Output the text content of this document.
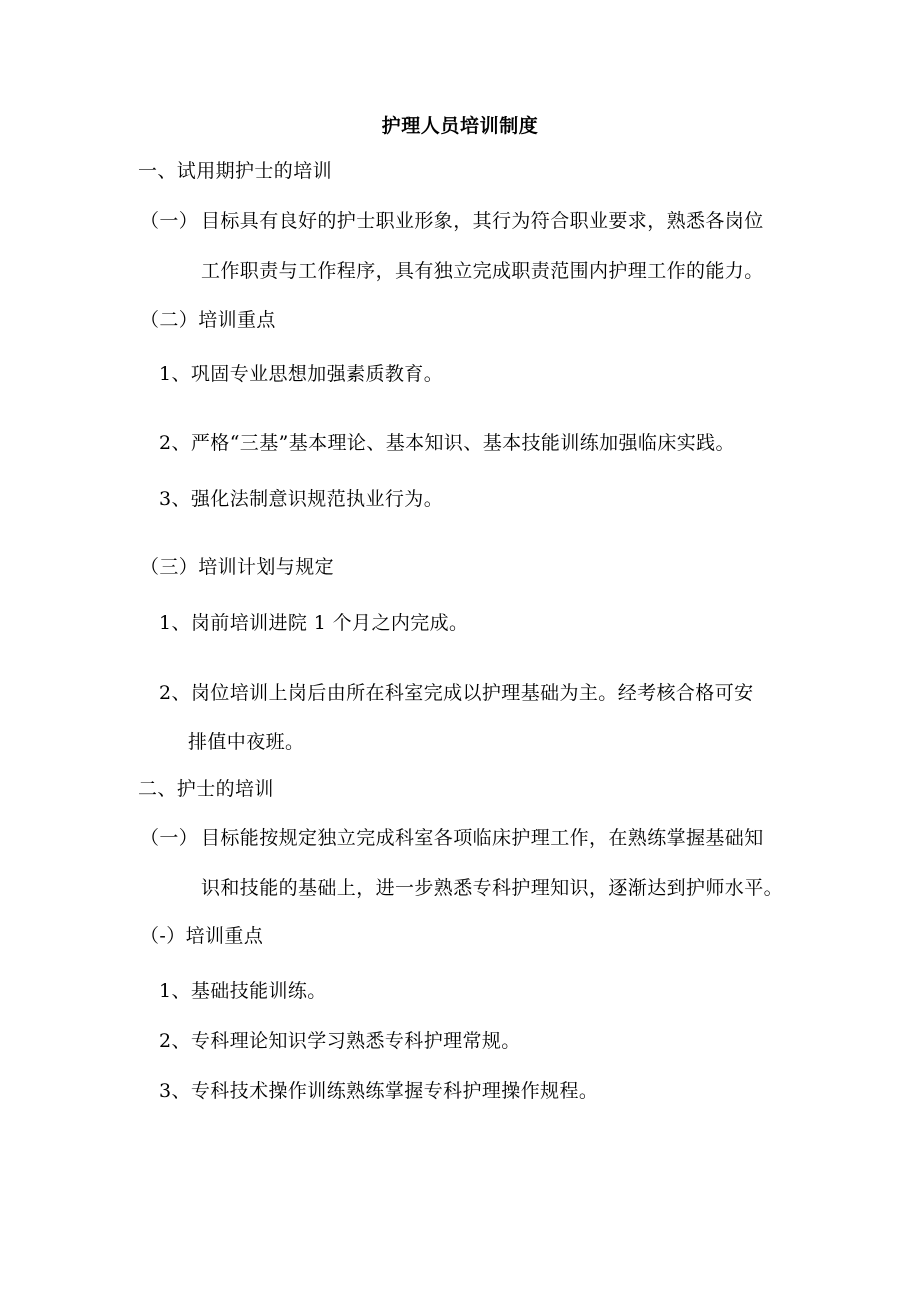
护理人员培训制度
一、试用期护士的培训
（一） 目标具有良好的护士职业形象，其行为符合职业要求，熟悉各岗位
工作职责与工作程序，具有独立完成职责范围内护理工作的能力。
（二）培训重点
1、巩固专业思想加强素质教育。
2、严格“三基”基本理论、基本知识、基本技能训练加强临床实践。
3、强化法制意识规范执业行为。
（三）培训计划与规定
1、岗前培训进院 1 个月之内完成。
2、岗位培训上岗后由所在科室完成以护理基础为主。经考核合格可安
排值中夜班。
二、护士的培训
（一） 目标能按规定独立完成科室各项临床护理工作，在熟练掌握基础知
识和技能的基础上，进一步熟悉专科护理知识，逐渐达到护师水平。
（-）培训重点
1、基础技能训练。
2、专科理论知识学习熟悉专科护理常规。
3、专科技术操作训练熟练掌握专科护理操作规程。
